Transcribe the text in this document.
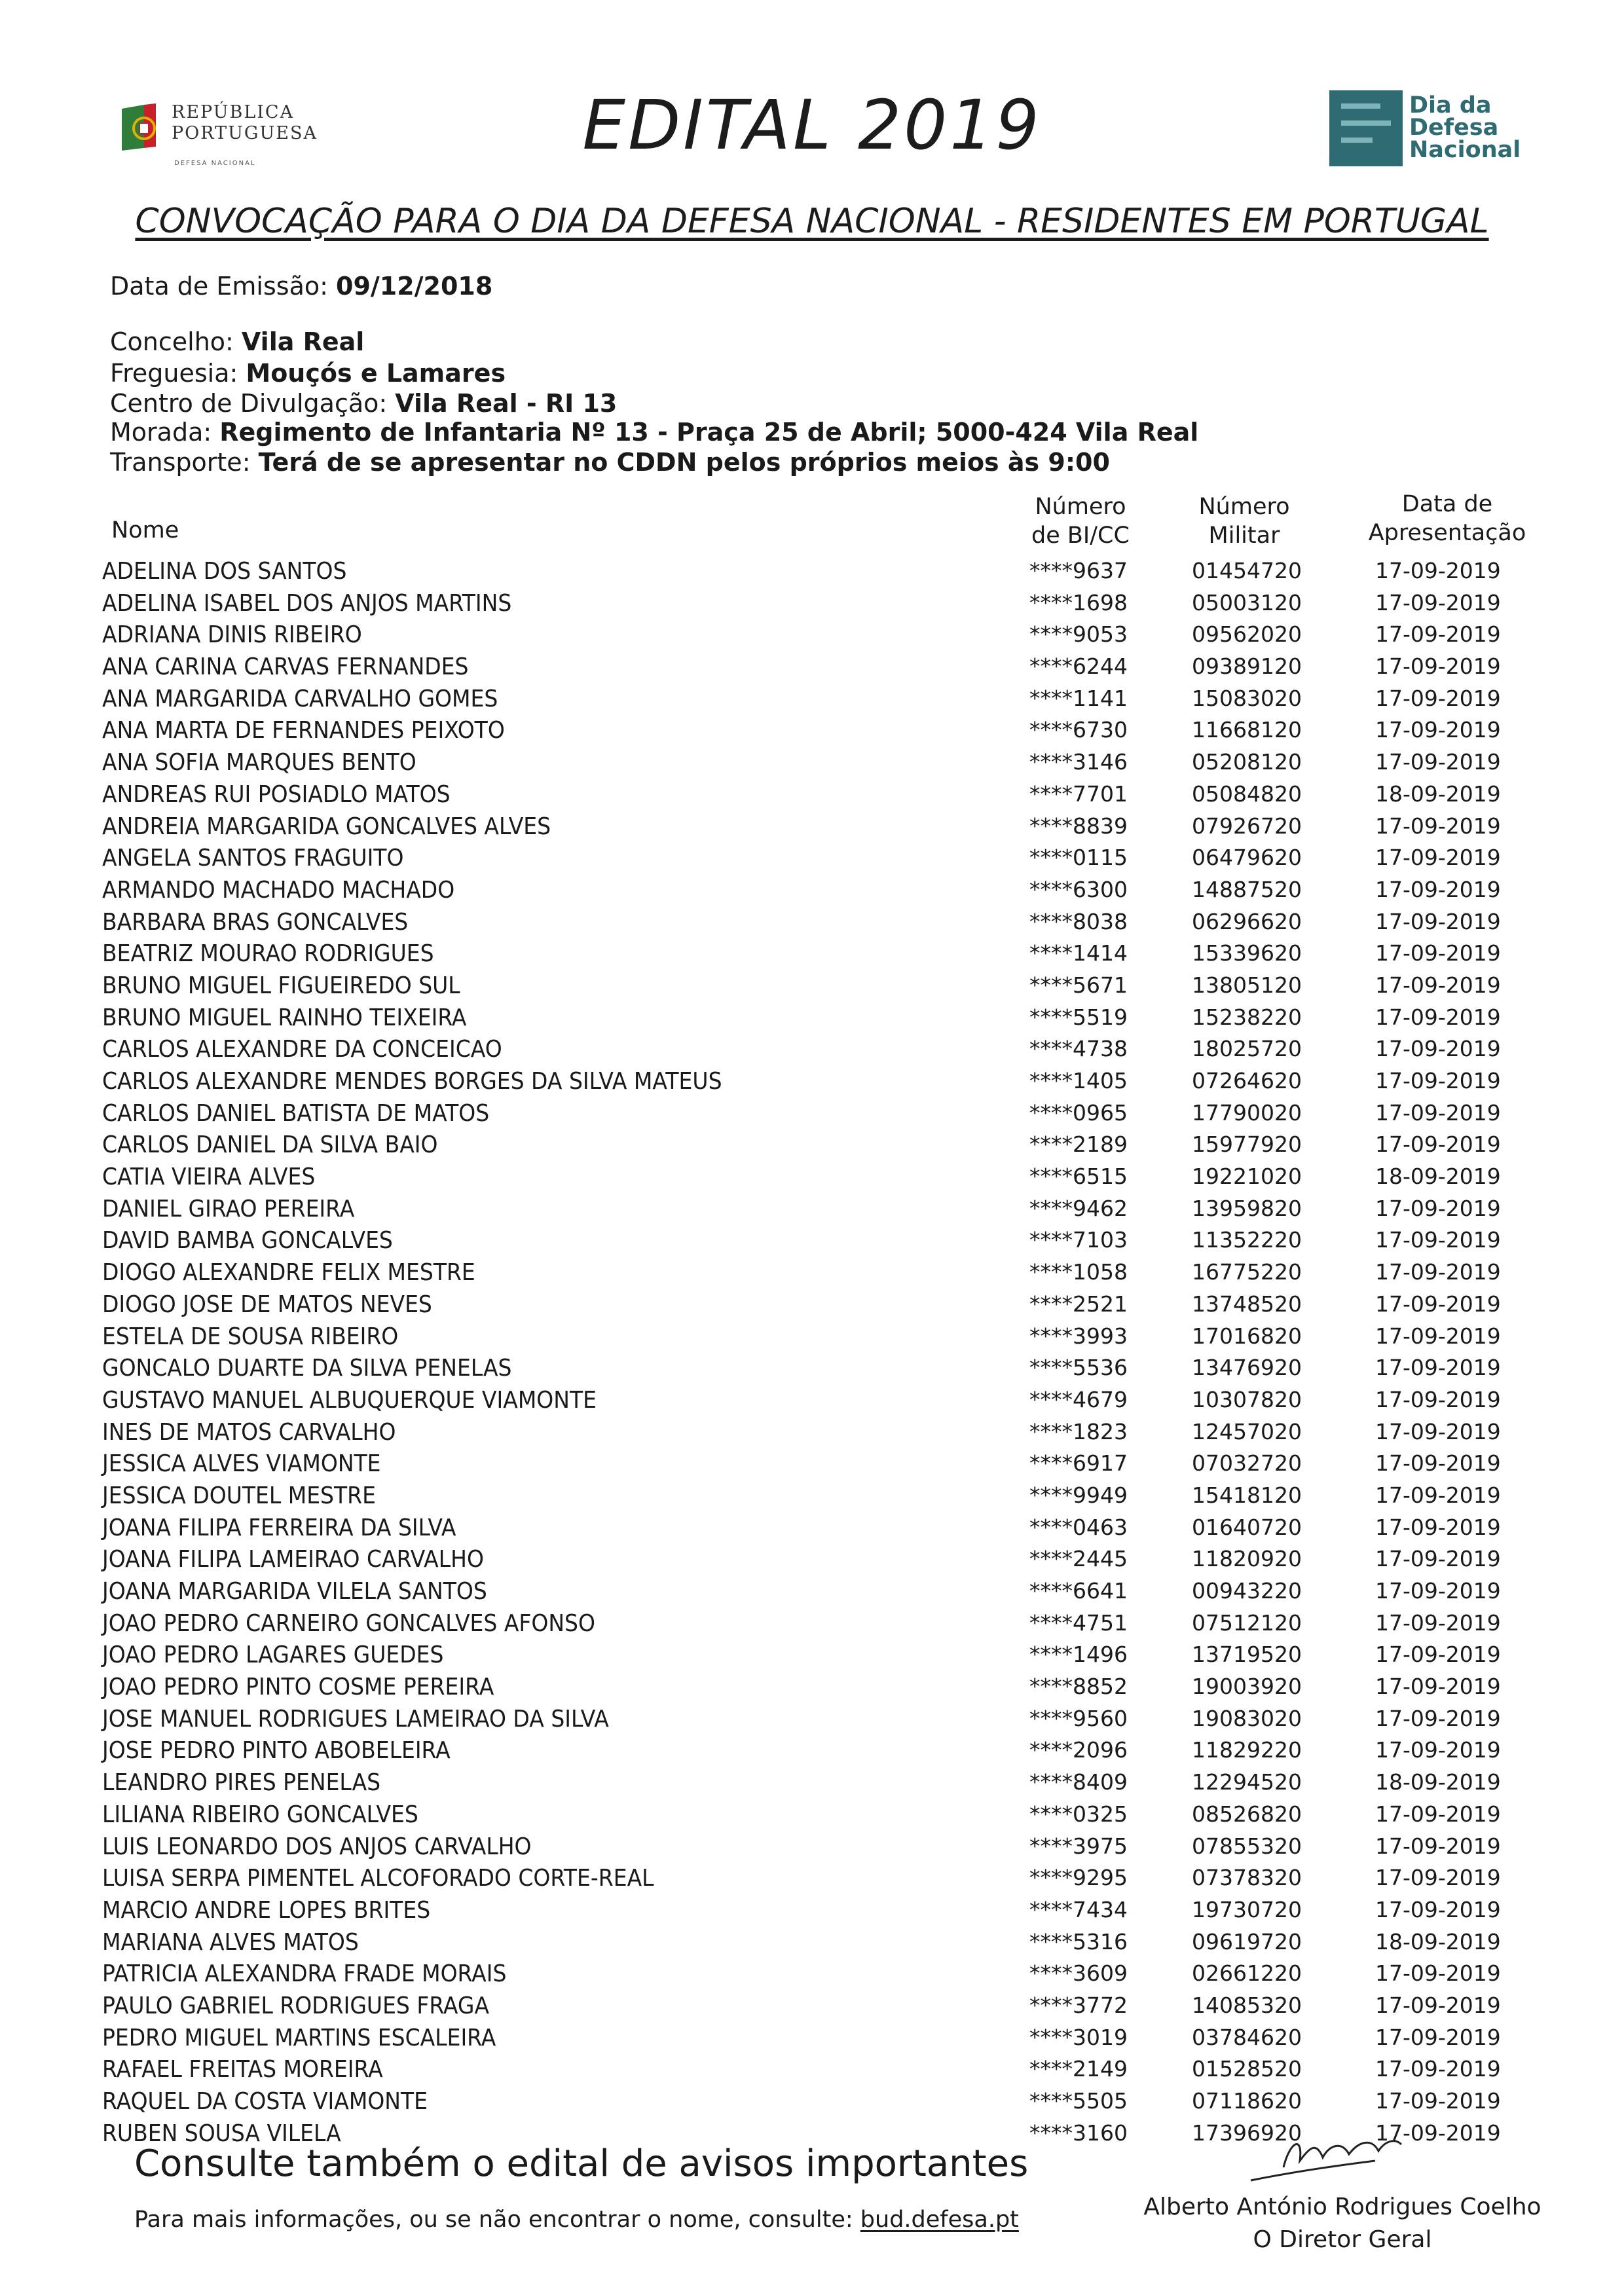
REPÚBLICA
PORTUGUESA
DEFESA NACIONAL	EDITAL 2019	Dia da
Defesa
Nacional
CONVOCAÇÃO PARA O DIA DA DEFESA NACIONAL - RESIDENTES EM PORTUGAL
Data de Emissão: 09/12/2018
Concelho: Vila Real
Freguesia: Mouçós e Lamares
Centro de Divulgação: Vila Real - RI 13
Morada: Regimento de Infantaria Nº 13 - Praça 25 de Abril; 5000-424 Vila Real
Transporte: Terá de se apresentar no CDDN pelos próprios meios às 9:00
Nome
Número
de BI/CC
Número
Militar
Data de
Apresentação
ADELINA DOS SANTOS	****9637	01454720	17-09-2019
ADELINA ISABEL DOS ANJOS MARTINS	****1698	05003120	17-09-2019
ADRIANA DINIS RIBEIRO	****9053	09562020	17-09-2019
ANA CARINA CARVAS FERNANDES	****6244	09389120	17-09-2019
ANA MARGARIDA CARVALHO GOMES	****1141	15083020	17-09-2019
ANA MARTA DE FERNANDES PEIXOTO	****6730	11668120	17-09-2019
ANA SOFIA MARQUES BENTO	****3146	05208120	17-09-2019
ANDREAS RUI POSIADLO MATOS	****7701	05084820	18-09-2019
ANDREIA MARGARIDA GONCALVES ALVES	****8839	07926720	17-09-2019
ANGELA SANTOS FRAGUITO	****0115	06479620	17-09-2019
ARMANDO MACHADO MACHADO	****6300	14887520	17-09-2019
BARBARA BRAS GONCALVES	****8038	06296620	17-09-2019
BEATRIZ MOURAO RODRIGUES	****1414	15339620	17-09-2019
BRUNO MIGUEL FIGUEIREDO SUL	****5671	13805120	17-09-2019
BRUNO MIGUEL RAINHO TEIXEIRA	****5519	15238220	17-09-2019
CARLOS ALEXANDRE DA CONCEICAO	****4738	18025720	17-09-2019
CARLOS ALEXANDRE MENDES BORGES DA SILVA MATEUS	****1405	07264620	17-09-2019
CARLOS DANIEL BATISTA DE MATOS	****0965	17790020	17-09-2019
CARLOS DANIEL DA SILVA BAIO	****2189	15977920	17-09-2019
CATIA VIEIRA ALVES	****6515	19221020	18-09-2019
DANIEL GIRAO PEREIRA	****9462	13959820	17-09-2019
DAVID BAMBA GONCALVES	****7103	11352220	17-09-2019
DIOGO ALEXANDRE FELIX MESTRE	****1058	16775220	17-09-2019
DIOGO JOSE DE MATOS NEVES	****2521	13748520	17-09-2019
ESTELA DE SOUSA RIBEIRO	****3993	17016820	17-09-2019
GONCALO DUARTE DA SILVA PENELAS	****5536	13476920	17-09-2019
GUSTAVO MANUEL ALBUQUERQUE VIAMONTE	****4679	10307820	17-09-2019
INES DE MATOS CARVALHO	****1823	12457020	17-09-2019
JESSICA ALVES VIAMONTE	****6917	07032720	17-09-2019
JESSICA DOUTEL MESTRE	****9949	15418120	17-09-2019
JOANA FILIPA FERREIRA DA SILVA	****0463	01640720	17-09-2019
JOANA FILIPA LAMEIRAO CARVALHO	****2445	11820920	17-09-2019
JOANA MARGARIDA VILELA SANTOS	****6641	00943220	17-09-2019
JOAO PEDRO CARNEIRO GONCALVES AFONSO	****4751	07512120	17-09-2019
JOAO PEDRO LAGARES GUEDES	****1496	13719520	17-09-2019
JOAO PEDRO PINTO COSME PEREIRA	****8852	19003920	17-09-2019
JOSE MANUEL RODRIGUES LAMEIRAO DA SILVA	****9560	19083020	17-09-2019
JOSE PEDRO PINTO ABOBELEIRA	****2096	11829220	17-09-2019
LEANDRO PIRES PENELAS	****8409	12294520	18-09-2019
LILIANA RIBEIRO GONCALVES	****0325	08526820	17-09-2019
LUIS LEONARDO DOS ANJOS CARVALHO	****3975	07855320	17-09-2019
LUISA SERPA PIMENTEL ALCOFORADO CORTE-REAL	****9295	07378320	17-09-2019
MARCIO ANDRE LOPES BRITES	****7434	19730720	17-09-2019
MARIANA ALVES MATOS	****5316	09619720	18-09-2019
PATRICIA ALEXANDRA FRADE MORAIS	****3609	02661220	17-09-2019
PAULO GABRIEL RODRIGUES FRAGA	****3772	14085320	17-09-2019
PEDRO MIGUEL MARTINS ESCALEIRA	****3019	03784620	17-09-2019
RAFAEL FREITAS MOREIRA	****2149	01528520	17-09-2019
RAQUEL DA COSTA VIAMONTE	****5505	07118620	17-09-2019
RUBEN SOUSA VILELA	****3160	17396920	17-09-2019
Consulte também o edital de avisos importantes
Para mais informações, ou se não encontrar o nome, consulte: bud.defesa.pt	Alberto António Rodrigues Coelho
O Diretor Geral
